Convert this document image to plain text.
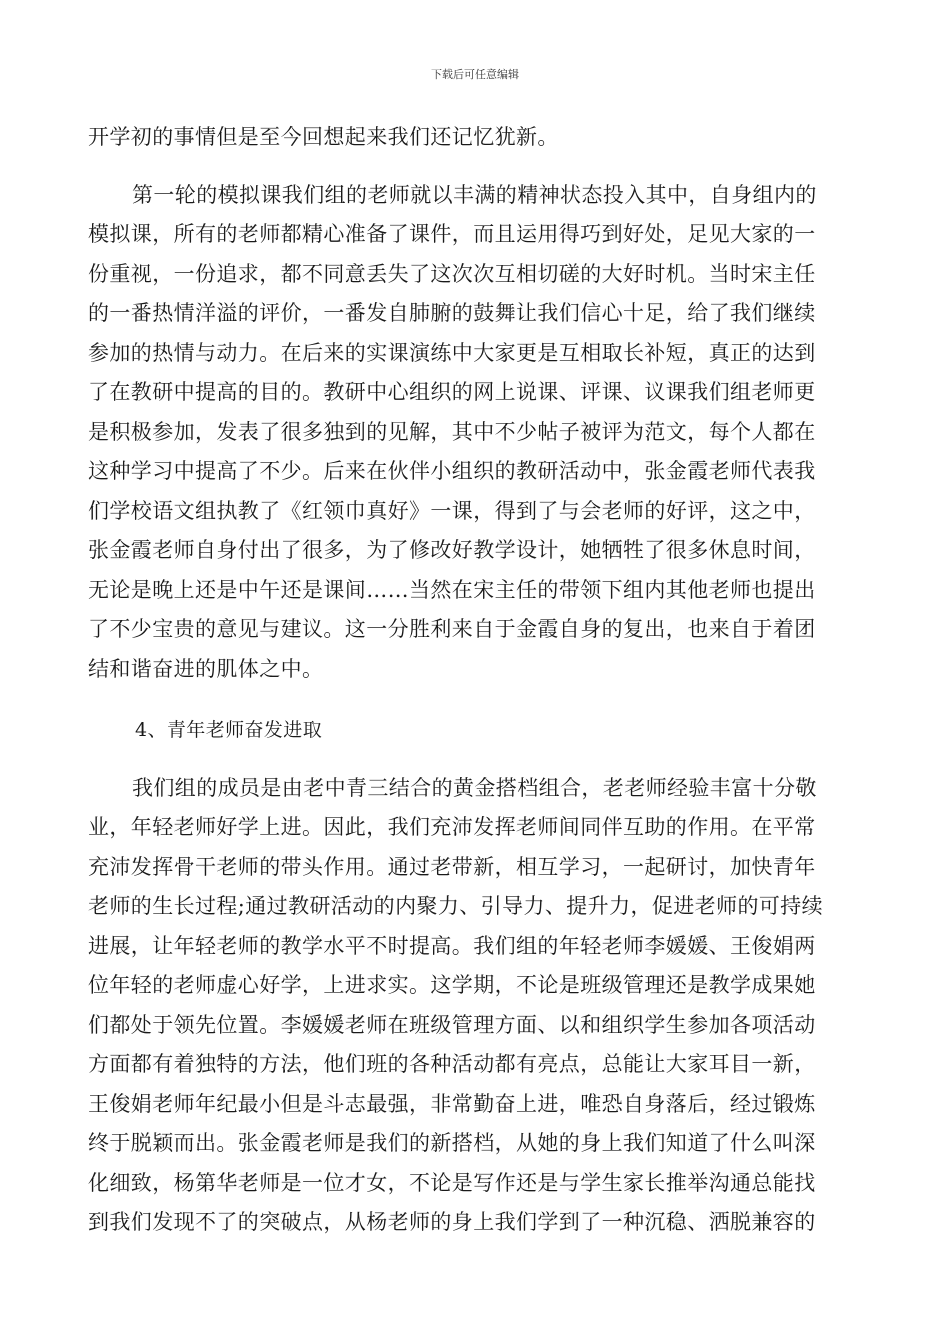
下载后可任意编辑
开学初的事情但是至今回想起来我们还记忆犹新。
第一轮的模拟课我们组的老师就以丰满的精神状态投入其中，自身组内的
模拟课，所有的老师都精心准备了课件，而且运用得巧到好处，足见大家的一
份重视，一份追求，都不同意丢失了这次次互相切磋的大好时机。当时宋主任
的一番热情洋溢的评价，一番发自肺腑的鼓舞让我们信心十足，给了我们继续
参加的热情与动力。在后来的实课演练中大家更是互相取长补短，真正的达到
了在教研中提高的目的。教研中心组织的网上说课、评课、议课我们组老师更
是积极参加，发表了很多独到的见解，其中不少帖子被评为范文，每个人都在
这种学习中提高了不少。后来在伙伴小组织的教研活动中，张金霞老师代表我
们学校语文组执教了《红领巾真好》一课，得到了与会老师的好评，这之中，
张金霞老师自身付出了很多，为了修改好教学设计，她牺牲了很多休息时间，
无论是晚上还是中午还是课间……当然在宋主任的带领下组内其他老师也提出
了不少宝贵的意见与建议。这一分胜利来自于金霞自身的复出，也来自于着团
结和谐奋进的肌体之中。
4、青年老师奋发进取
我们组的成员是由老中青三结合的黄金搭档组合，老老师经验丰富十分敬
业，年轻老师好学上进。因此，我们充沛发挥老师间同伴互助的作用。在平常
充沛发挥骨干老师的带头作用。通过老带新，相互学习，一起研讨，加快青年
老师的生长过程;通过教研活动的内聚力、引导力、提升力，促进老师的可持续
进展，让年轻老师的教学水平不时提高。我们组的年轻老师李媛媛、王俊娟两
位年轻的老师虚心好学，上进求实。这学期，不论是班级管理还是教学成果她
们都处于领先位置。李媛媛老师在班级管理方面、以和组织学生参加各项活动
方面都有着独特的方法，他们班的各种活动都有亮点，总能让大家耳目一新，
王俊娟老师年纪最小但是斗志最强，非常勤奋上进，唯恐自身落后，经过锻炼
终于脱颖而出。张金霞老师是我们的新搭档，从她的身上我们知道了什么叫深
化细致，杨第华老师是一位才女，不论是写作还是与学生家长推举沟通总能找
到我们发现不了的突破点，从杨老师的身上我们学到了一种沉稳、洒脱兼容的
